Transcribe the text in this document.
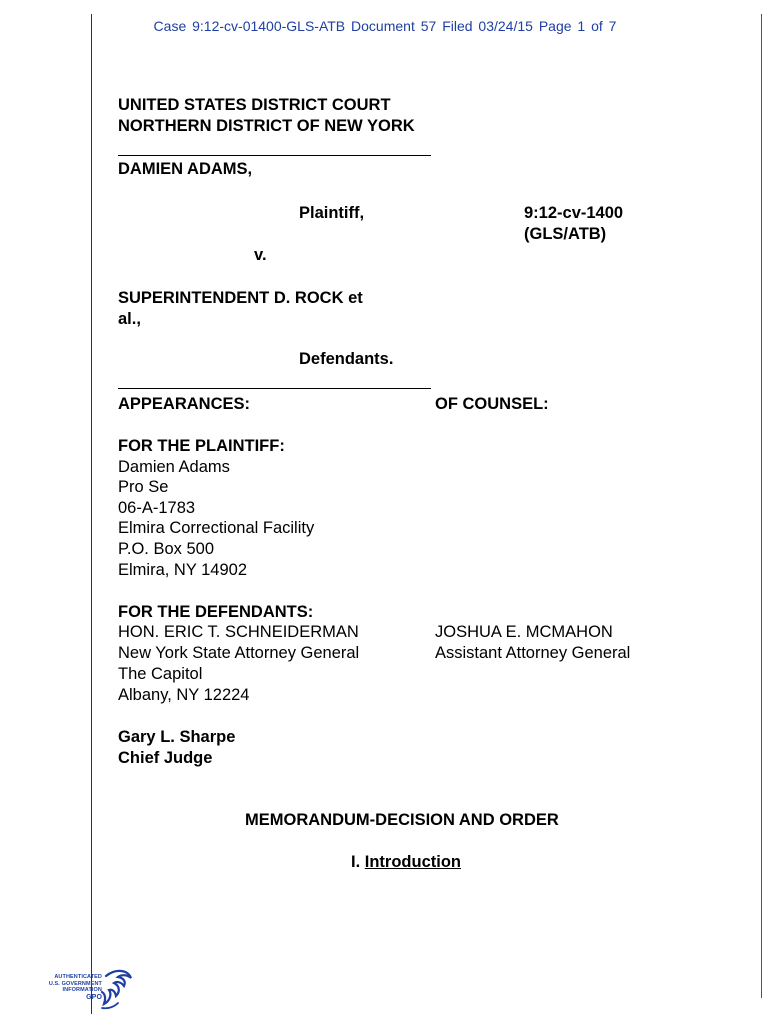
Case 9:12-cv-01400-GLS-ATB Document 57 Filed 03/24/15 Page 1 of 7
UNITED STATES DISTRICT COURT
NORTHERN DISTRICT OF NEW YORK
DAMIEN ADAMS,
Plaintiff,	9:12-cv-1400
(GLS/ATB)
v.
SUPERINTENDENT D. ROCK et
al.,
Defendants.
APPEARANCES:	OF COUNSEL:
FOR THE PLAINTIFF:
Damien Adams
Pro Se
06-A-1783
Elmira Correctional Facility
P.O. Box 500
Elmira, NY 14902
FOR THE DEFENDANTS:
HON. ERIC T. SCHNEIDERMAN
New York State Attorney General
The Capitol
Albany, NY 12224
JOSHUA E. MCMAHON
Assistant Attorney General
Gary L. Sharpe
Chief Judge
MEMORANDUM-DECISION AND ORDER
I. Introduction
AUTHENTICATED
U.S. GOVERNMENT
INFORMATION
GPO
